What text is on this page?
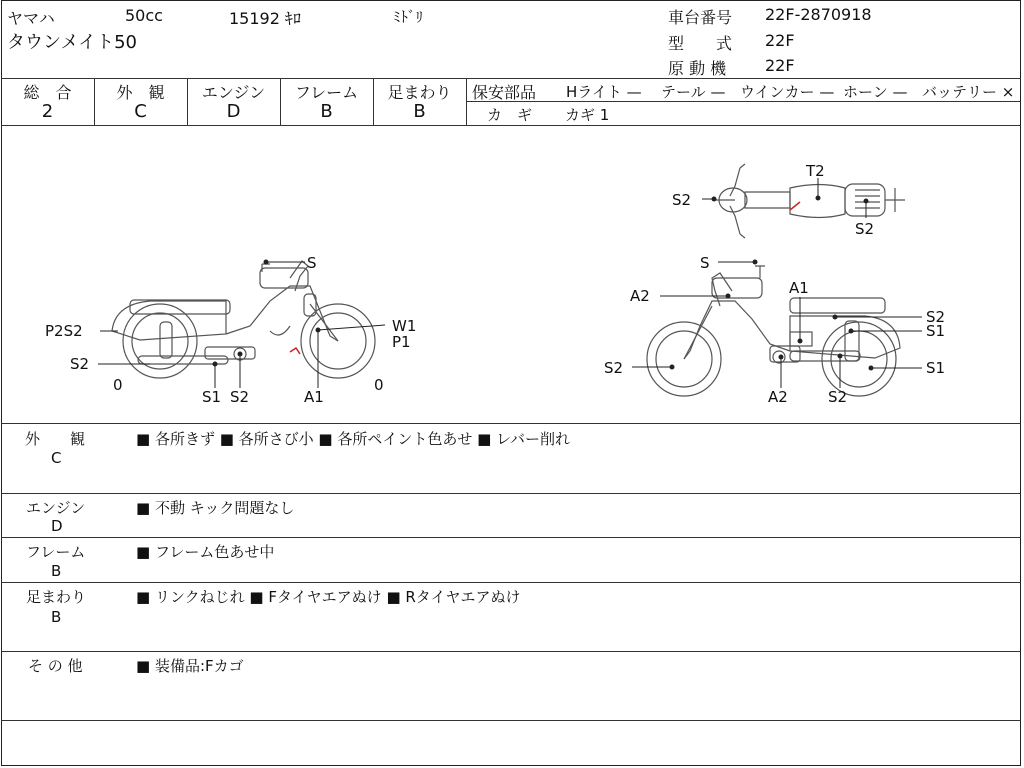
ヤマハ	50cc	15192 ｷﾛ	ﾐﾄﾞﾘ
タウンメイト50
車台番号 22F-2870918
型　　式 22F
原 動 機 22F
総　合
2
外　観
C
エンジン
D
フレーム
B
足まわり
B
保安部品 Hライト — テール — ウインカー — ホーン — バッテリー ×
カ　ギ カギ 1
S
P2S2
S2
W1
P1
0	0
S1 S2	A1
S
A2	A1
S2
S1
S2	S1
A2	S2
T2
S2
S2
外　　観
C
■ 各所きず ■ 各所さび小 ■ 各所ペイント色あせ ■ レバー削れ
エンジン
D
■ 不動 キック問題なし
フレーム
B
■ フレーム色あせ中
足まわり
B
■ リンクねじれ ■ Fタイヤエアぬけ ■ Rタイヤエアぬけ
そ の 他	■ 装備品:Fカゴ
